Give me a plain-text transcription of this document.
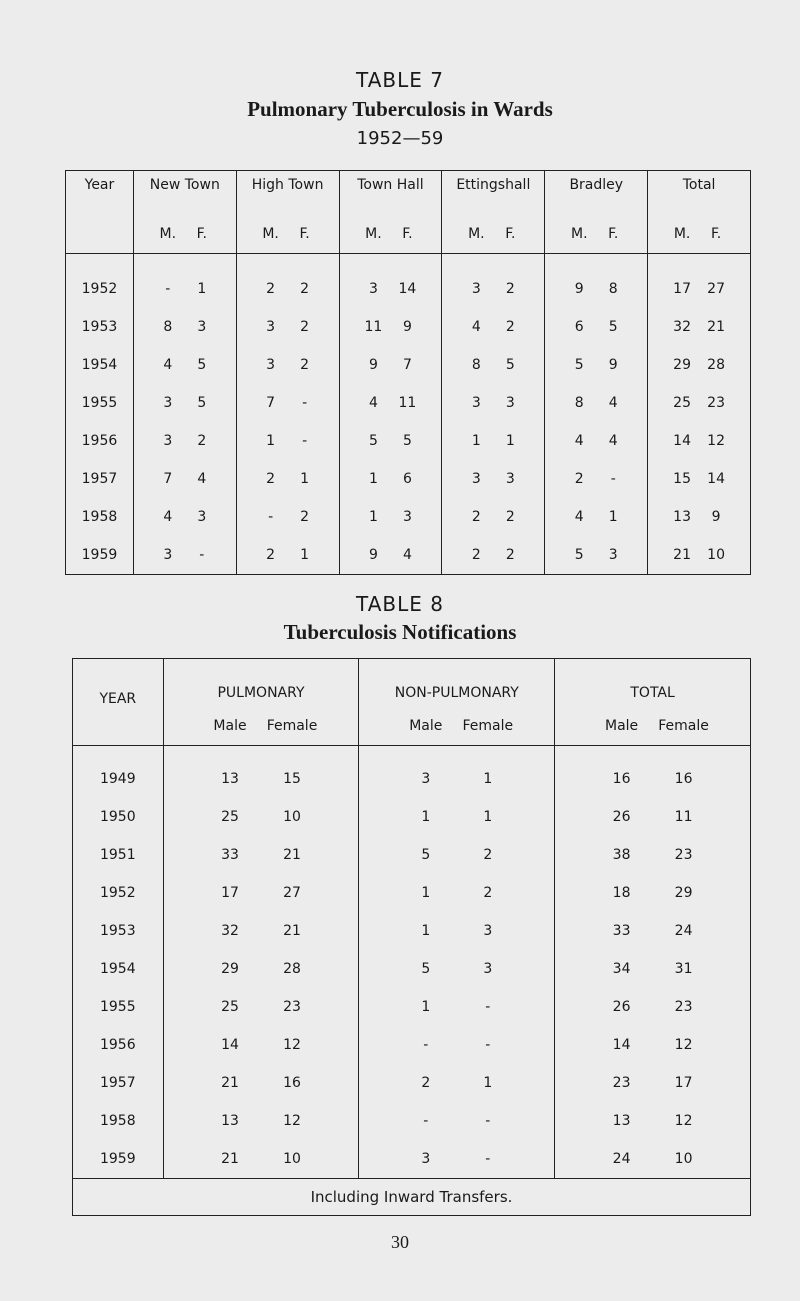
TABLE 7
Pulmonary Tuberculosis in Wards
1952—59
Year	New Town	High Town	Town Hall	Ettingshall	Bradley	Total

	M. F.	M. F.	M. F.	M. F.	M. F.	M. F.

1952	- 1	2 2	3 14	3 2	9 8	17 27

1953	8 3	3 2	11 9	4 2	6 5	32 21

1954	4 5	3 2	9 7	8 5	5 9	29 28

1955	3 5	7 -	4 11	3 3	8 4	25 23

1956	3 2	1 -	5 5	1 1	4 4	14 12

1957	7 4	2 1	1 6	3 3	2 -	15 14

1958	4 3	- 2	1 3	2 2	4 1	13 9

1959	3 -	2 1	9 4	2 2	5 3	21 10
TABLE 8
Tuberculosis Notifications
YEAR	PULMONARY	NON-PULMONARY	TOTAL

	Male Female	Male Female	Male Female

1949	13 15	3 1	16 16

1950	25 10	1 1	26 11

1951	33 21	5 2	38 23

1952	17 27	1 2	18 29

1953	32 21	1 3	33 24

1954	29 28	5 3	34 31

1955	25 23	1 -	26 23

1956	14 12	- -	14 12

1957	21 16	2 1	23 17

1958	13 12	- -	13 12

1959	21 10	3 -	24 10

Including Inward Transfers.			
30
